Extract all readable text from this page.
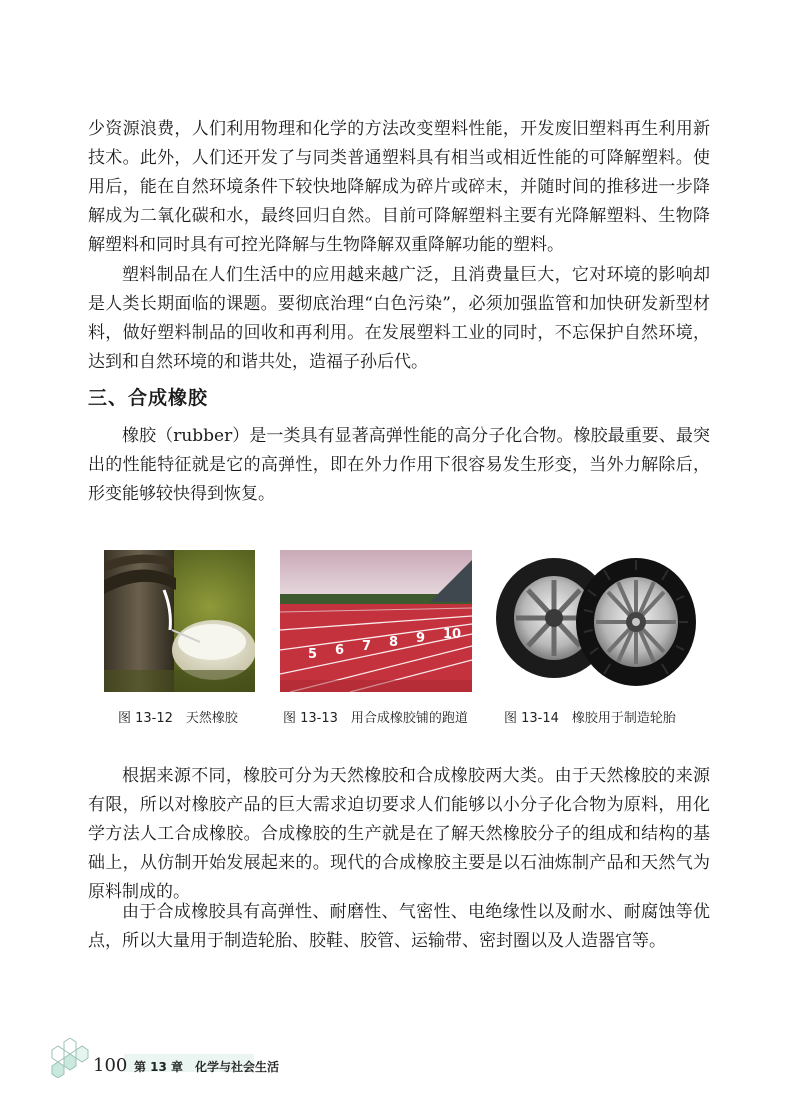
少资源浪费，人们利用物理和化学的方法改变塑料性能，开发废旧塑料再生利用新技术。此外，人们还开发了与同类普通塑料具有相当或相近性能的可降解塑料。使用后，能在自然环境条件下较快地降解成为碎片或碎末，并随时间的推移进一步降解成为二氧化碳和水，最终回归自然。目前可降解塑料主要有光降解塑料、生物降解塑料和同时具有可控光降解与生物降解双重降解功能的塑料。

塑料制品在人们生活中的应用越来越广泛，且消费量巨大，它对环境的影响却是人类长期面临的课题。要彻底治理“白色污染”，必须加强监管和加快研发新型材料，做好塑料制品的回收和再利用。在发展塑料工业的同时，不忘保护自然环境，达到和自然环境的和谐共处，造福子孙后代。

三、合成橡胶

橡胶（rubber）是一类具有显著高弹性能的高分子化合物。橡胶最重要、最突出的性能特征就是它的高弹性，即在外力作用下很容易发生形变，当外力解除后，形变能够较快得到恢复。

5 6 7 8 9 10
图 13-12　天然橡胶	图 13-13　用合成橡胶铺的跑道	图 13-14　橡胶用于制造轮胎

根据来源不同，橡胶可分为天然橡胶和合成橡胶两大类。由于天然橡胶的来源有限，所以对橡胶产品的巨大需求迫切要求人们能够以小分子化合物为原料，用化学方法人工合成橡胶。合成橡胶的生产就是在了解天然橡胶分子的组成和结构的基础上，从仿制开始发展起来的。现代的合成橡胶主要是以石油炼制产品和天然气为原料制成的。

由于合成橡胶具有高弹性、耐磨性、气密性、电绝缘性以及耐水、耐腐蚀等优点，所以大量用于制造轮胎、胶鞋、胶管、运输带、密封圈以及人造器官等。

100 第 13 章　化学与社会生活
